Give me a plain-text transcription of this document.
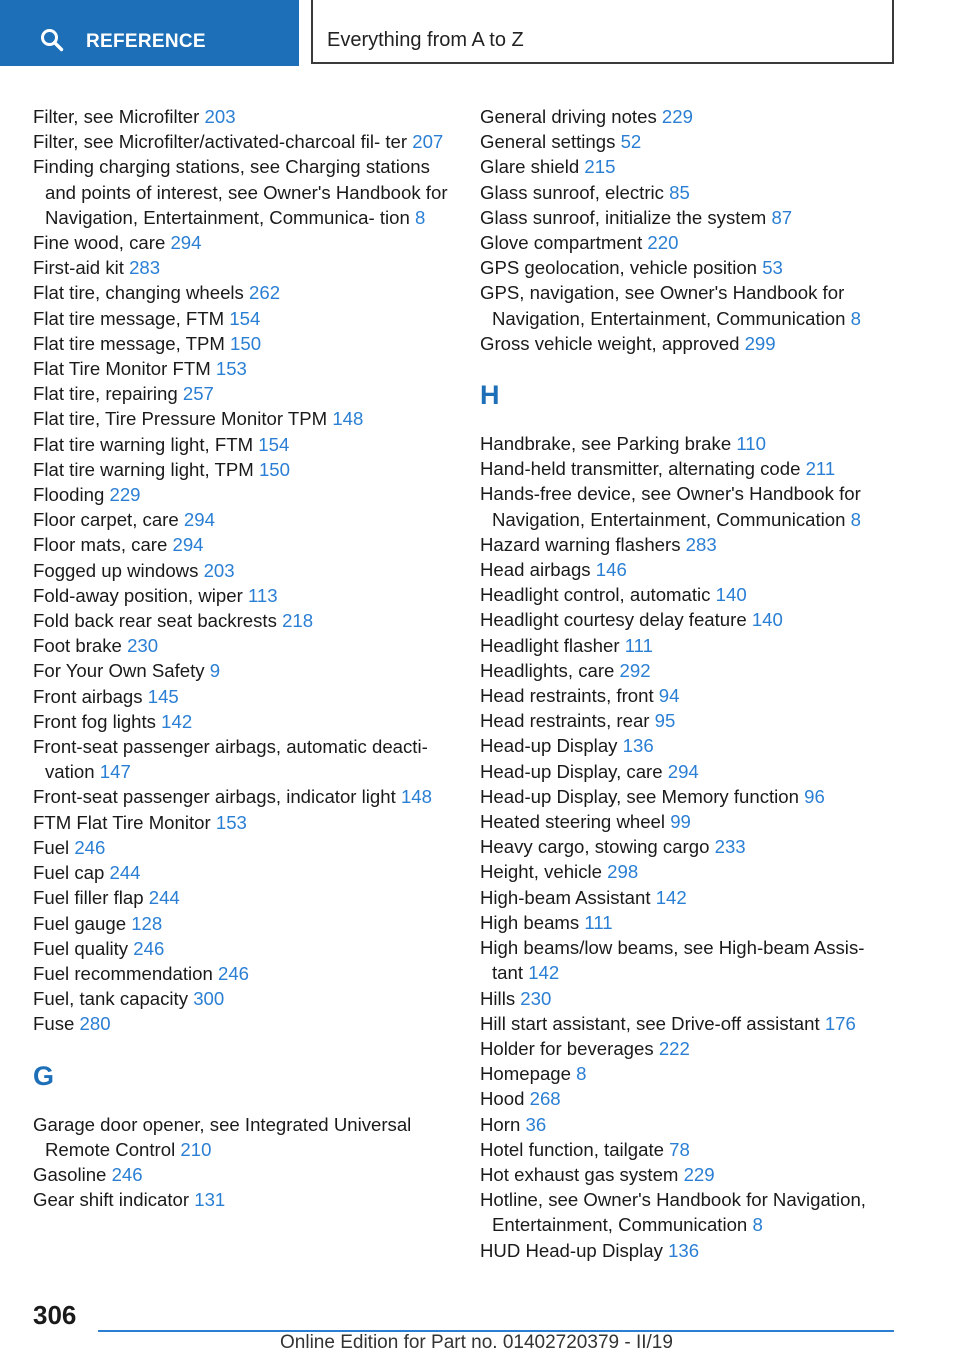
REFERENCE	Everything from A to Z
Filter, see Microfilter 203
Filter, see Microfilter/activated-charcoal fil‐ ter 207
Finding charging stations, see Charging stations and points of interest, see Owner's Handbook for Navigation, Entertainment, Communica‐ tion 8
Fine wood, care 294
First-aid kit 283
Flat tire, changing wheels 262
Flat tire message, FTM 154
Flat tire message, TPM 150
Flat Tire Monitor FTM 153
Flat tire, repairing 257
Flat tire, Tire Pressure Monitor TPM 148
Flat tire warning light, FTM 154
Flat tire warning light, TPM 150
Flooding 229
Floor carpet, care 294
Floor mats, care 294
Fogged up windows 203
Fold-away position, wiper 113
Fold back rear seat backrests 218
Foot brake 230
For Your Own Safety 9
Front airbags 145
Front fog lights 142
Front-seat passenger airbags, automatic deacti‐ vation 147
Front-seat passenger airbags, indicator light 148
FTM Flat Tire Monitor 153
Fuel 246
Fuel cap 244
Fuel filler flap 244
Fuel gauge 128
Fuel quality 246
Fuel recommendation 246
Fuel, tank capacity 300
Fuse 280
G
Garage door opener, see Integrated Universal Remote Control 210
Gasoline 246
Gear shift indicator 131
General driving notes 229
General settings 52
Glare shield 215
Glass sunroof, electric 85
Glass sunroof, initialize the system 87
Glove compartment 220
GPS geolocation, vehicle position 53
GPS, navigation, see Owner's Handbook for Navigation, Entertainment, Communication 8
Gross vehicle weight, approved 299
H
Handbrake, see Parking brake 110
Hand-held transmitter, alternating code 211
Hands-free device, see Owner's Handbook for Navigation, Entertainment, Communication 8
Hazard warning flashers 283
Head airbags 146
Headlight control, automatic 140
Headlight courtesy delay feature 140
Headlight flasher 111
Headlights, care 292
Head restraints, front 94
Head restraints, rear 95
Head-up Display 136
Head-up Display, care 294
Head-up Display, see Memory function 96
Heated steering wheel 99
Heavy cargo, stowing cargo 233
Height, vehicle 298
High-beam Assistant 142
High beams 111
High beams/low beams, see High-beam Assis‐ tant 142
Hills 230
Hill start assistant, see Drive-off assistant 176
Holder for beverages 222
Homepage 8
Hood 268
Horn 36
Hotel function, tailgate 78
Hot exhaust gas system 229
Hotline, see Owner's Handbook for Navigation, Entertainment, Communication 8
HUD Head-up Display 136
306
Online Edition for Part no. 01402720379 - II/19
